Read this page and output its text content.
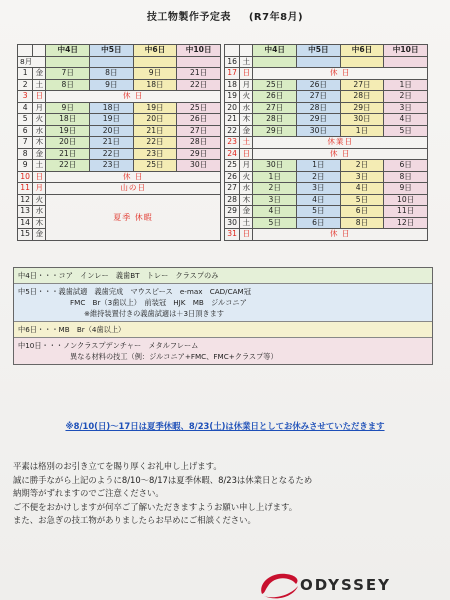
技工物製作予定表 (R7年8月)
		中4日	中5日	中6日	中10日
8月					
1	金	7日	8日	9日	21日
2	土	8日	9日	18日	22日
3	日	休 日			
4	月	9日	18日	19日	25日
5	火	18日	19日	20日	26日
6	水	19日	20日	21日	27日
7	木	20日	21日	22日	28日
8	金	21日	22日	23日	29日
9	土	22日	23日	25日	30日
10	日	休 日			
11	月	山の日			
12	火				
13	水				
14	木				
15	金				
		中4日	中5日	中6日	中10日
16	土				
17	日	休 日			
18	月	25日	26日	27日	1日
19	火	26日	27日	28日	2日
20	水	27日	28日	29日	3日
21	木	28日	29日	30日	4日
22	金	29日	30日	1日	5日
23	土	休業日			
24	日	休 日			
25	月	30日	1日	2日	6日
26	火	1日	2日	3日	8日
27	水	2日	3日	4日	9日
28	木	3日	4日	5日	10日
29	金	4日	5日	6日	11日
30	土	5日	6日	8日	12日
31	日	休 日			
夏季 休暇
中4日・・・コア　インレー　義歯BT　トレー　クラスプのみ
中5日・・・義歯試適　義歯完成　マウスピース　e-max　CAD/CAM冠
FMC　Br（3歯以上）　前装冠　HJK　MB　ジルコニア
※維持装置付きの義歯試適は＋3日頂きます
中6日・・・MB　Br（4歯以上）
中10日・・・ノンクラスプデンチャー　メタルフレーム
異なる材料の技工（例：ジルコニア+FMC、FMC+クラスプ等）
※8/10(日)〜17日は夏季休暇、8/23(土)は休業日としてお休みさせていただきます
平素は格別のお引き立てを賜り厚くお礼申し上げます。
誠に勝手ながら上記のように8/10〜8/17は夏季休暇、8/23は休業日となるため
納期等がずれますのでご注意ください。
ご不便をおかけしますが何卒ご了解いただきますようお願い申し上げます。
また、お急ぎの技工物がありましたらお早めにご相談ください。
ODYSSEY
